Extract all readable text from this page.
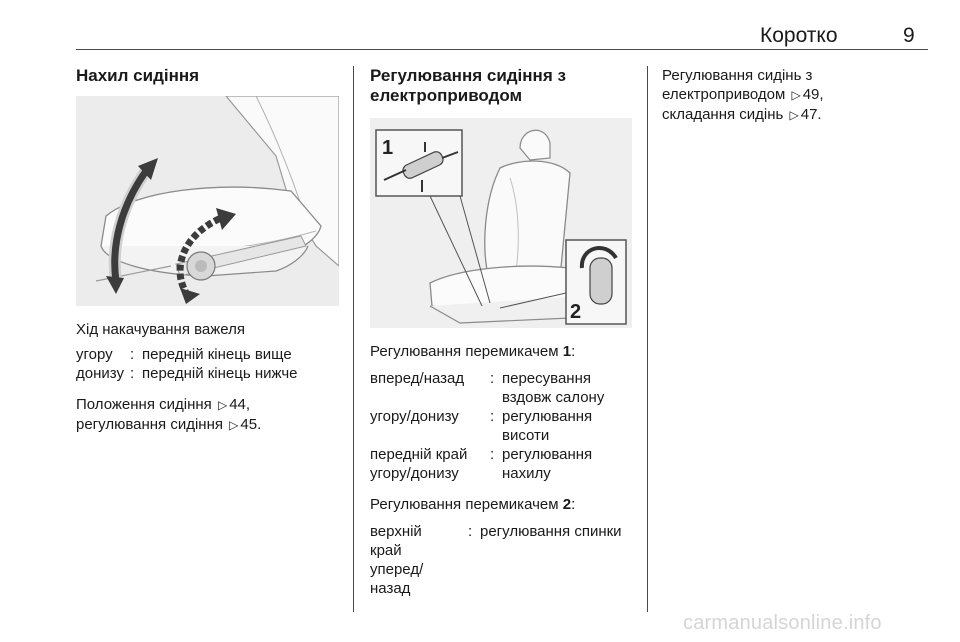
Коротко	9
Нахил сидіння

Хід накачування важеля

угору : передній кінець вище
донизу : передній кінець нижче

Положення сидіння ▷ 44,

регулювання сидіння ▷ 45.

Регулювання сидіння з
електроприводом
1
2

Регулювання перемикачем 1:

вперед/назад : пересування
вздовж салону
угору/донизу : регулювання
висоти
передній край
угору/донизу
: регулювання
нахилу

Регулювання перемикачем 2:

верхній
край
уперед/
назад
: регулювання спинки

Регулювання сидінь з

електроприводом ▷ 49,

складання сидінь ▷ 47.

carmanualsonline.info
